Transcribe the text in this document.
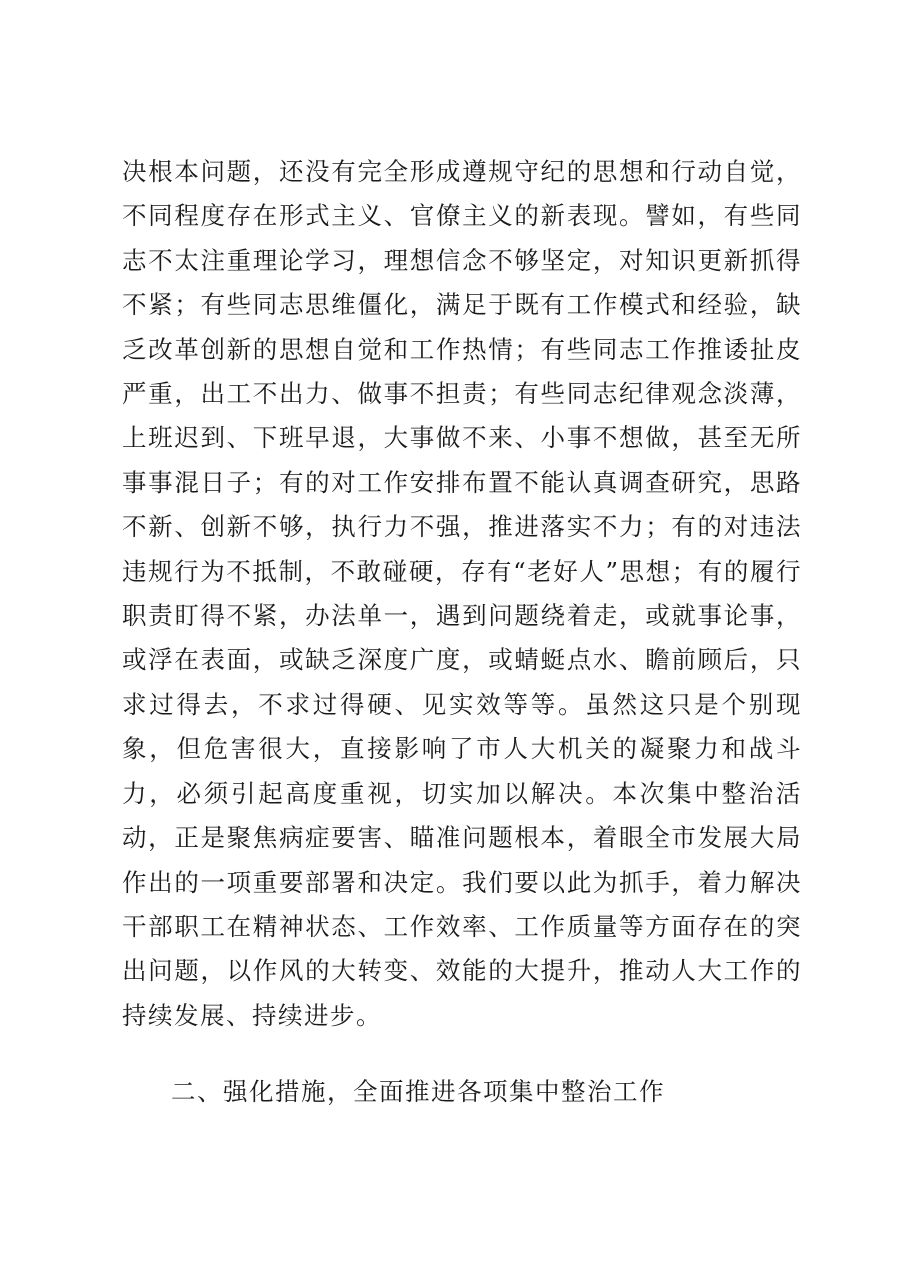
决根本问题，还没有完全形成遵规守纪的思想和行动自觉，不同程度存在形式主义、官僚主义的新表现。譬如，有些同志不太注重理论学习，理想信念不够坚定，对知识更新抓得不紧；有些同志思维僵化，满足于既有工作模式和经验，缺乏改革创新的思想自觉和工作热情；有些同志工作推诿扯皮严重，出工不出力、做事不担责；有些同志纪律观念淡薄，上班迟到、下班早退，大事做不来、小事不想做，甚至无所事事混日子；有的对工作安排布置不能认真调查研究，思路不新、创新不够，执行力不强，推进落实不力；有的对违法违规行为不抵制，不敢碰硬，存有“老好人”思想；有的履行职责盯得不紧，办法单一，遇到问题绕着走，或就事论事，或浮在表面，或缺乏深度广度，或蜻蜓点水、瞻前顾后，只求过得去，不求过得硬、见实效等等。虽然这只是个别现象，但危害很大，直接影响了市人大机关的凝聚力和战斗力，必须引起高度重视，切实加以解决。本次集中整治活动，正是聚焦病症要害、瞄准问题根本，着眼全市发展大局作出的一项重要部署和决定。我们要以此为抓手，着力解决干部职工在精神状态、工作效率、工作质量等方面存在的突出问题，以作风的大转变、效能的大提升，推动人大工作的持续发展、持续进步。

二、强化措施，全面推进各项集中整治工作
